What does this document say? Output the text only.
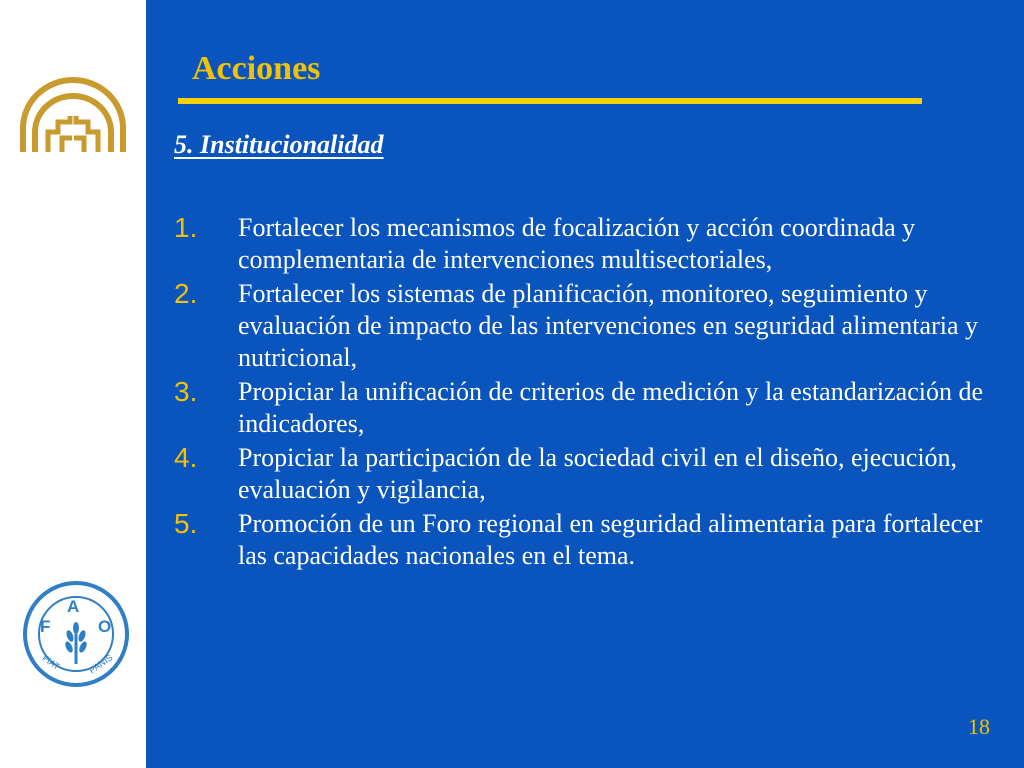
F
A
O
FIAT	PANIS
Acciones
5. Institucionalidad
1. Fortalecer los mecanismos de focalización y acción coordinada y complementaria de intervenciones multisectoriales,
2. Fortalecer los sistemas de planificación, monitoreo, seguimiento y evaluación de impacto de las intervenciones en seguridad alimentaria y nutricional,
3. Propiciar la unificación de criterios de medición y la estandarización de indicadores,
4. Propiciar la participación de la sociedad civil en el diseño, ejecución, evaluación y vigilancia,
5. Promoción de un Foro regional en seguridad alimentaria para fortalecer las capacidades nacionales en el tema.
18
